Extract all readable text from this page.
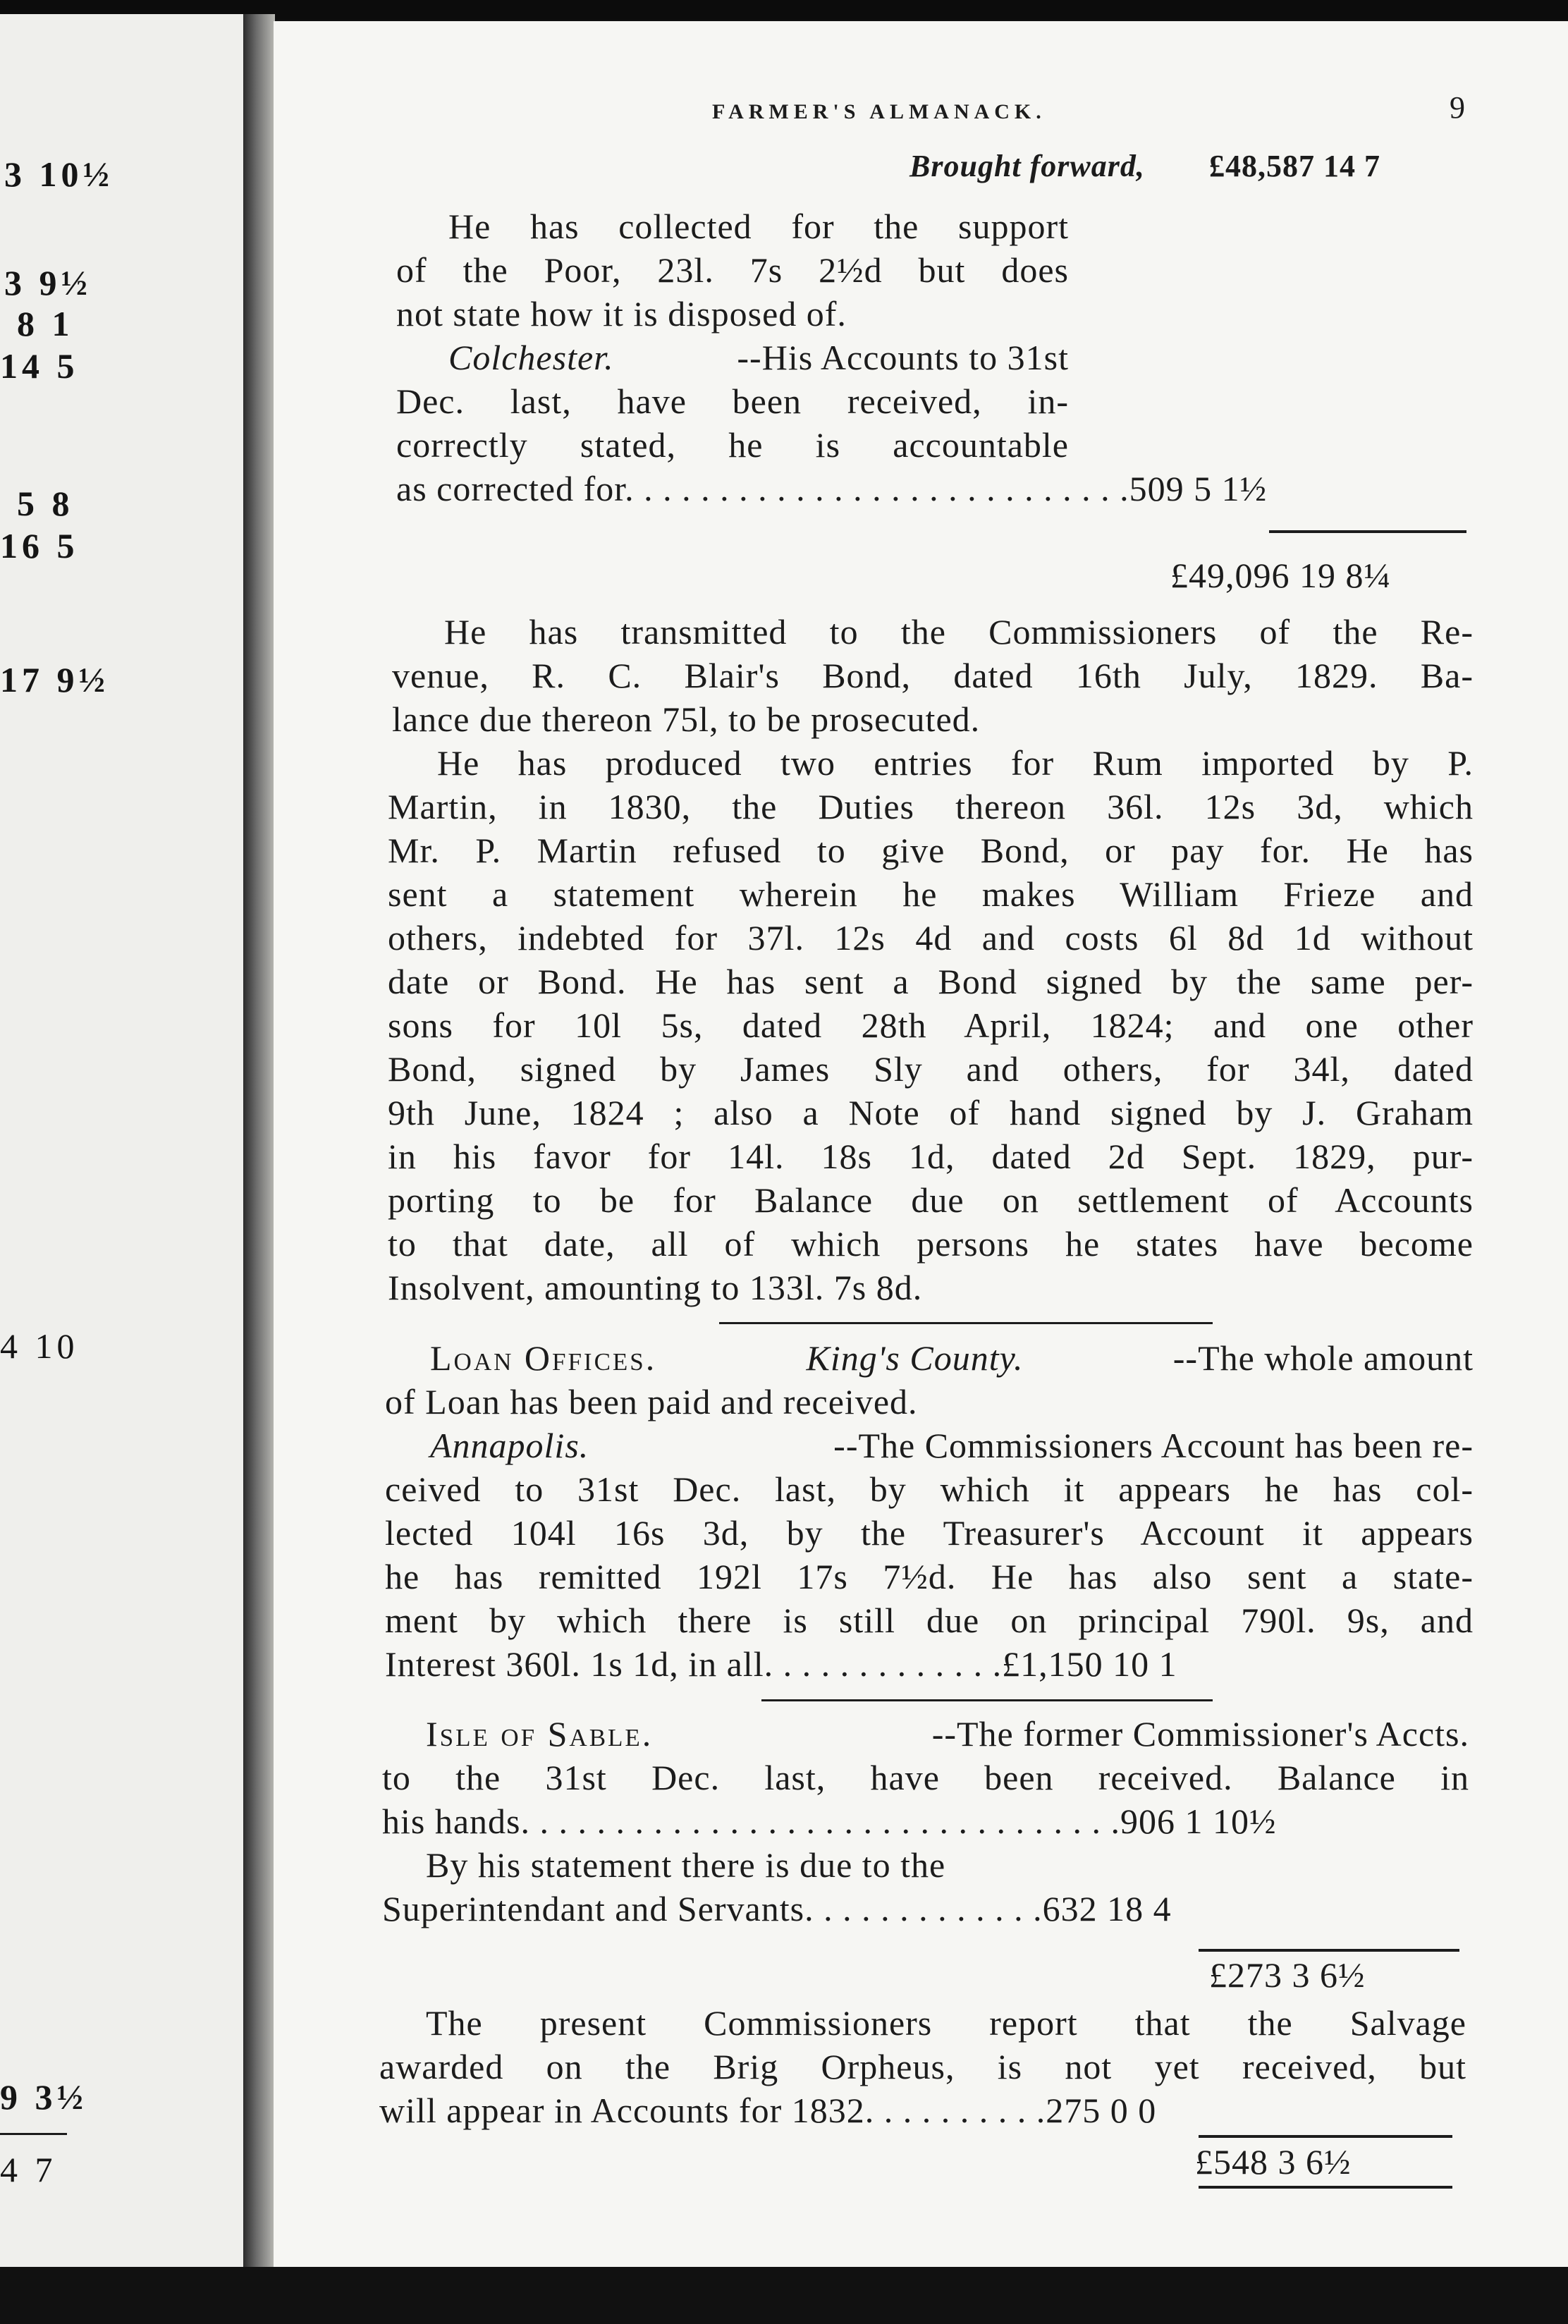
3 10½
3 9½
8 1
14 5
5 8
16 5
17 9½
4 10
9 3½
4 7
FARMER'S ALMANACK.	9
Brought forward, £48,587 14 7
He has collected for the support
of the Poor, 23l. 7s 2½d but does
not state how it is disposed of.
Colchester.	--His Accounts to 31st
Dec. last, have been received, in-
correctly stated, he is accountable
as corrected for. . . . . . . . . . . . . . . . . . . . . . . . . . .509 5 1½
£49,096 19 8¼
He has transmitted to the Commissioners of the Re-
venue, R. C. Blair's Bond, dated 16th July, 1829. Ba-
lance due thereon 75l, to be prosecuted.
He has produced two entries for Rum imported by P.
Martin, in 1830, the Duties thereon 36l. 12s 3d, which
Mr. P. Martin refused to give Bond, or pay for. He has
sent a statement wherein he makes William Frieze and
others, indebted for 37l. 12s 4d and costs 6l 8d 1d without
date or Bond. He has sent a Bond signed by the same per-
sons for 10l 5s, dated 28th April, 1824; and one other
Bond, signed by James Sly and others, for 34l, dated
9th June, 1824 ; also a Note of hand signed by J. Graham
in his favor for 14l. 18s 1d, dated 2d Sept. 1829, pur-
porting to be for Balance due on settlement of Accounts
to that date, all of which persons he states have become
Insolvent, amounting to 133l. 7s 8d.
Loan Offices.	King's County.	--The whole amount
of Loan has been paid and received.
Annapolis.	--The Commissioners Account has been re-
ceived to 31st Dec. last, by which it appears he has col-
lected 104l 16s 3d, by the Treasurer's Account it appears
he has remitted 192l 17s 7½d. He has also sent a state-
ment by which there is still due on principal 790l. 9s, and
Interest 360l. 1s 1d, in all. . . . . . . . . . . . .£1,150 10 1
Isle of Sable.	--The former Commissioner's Accts.
to the 31st Dec. last, have been received. Balance in
his hands. . . . . . . . . . . . . . . . . . . . . . . . . . . . . . . .906 1 10½
By his statement there is due to the
Superintendant and Servants. . . . . . . . . . . . .632 18 4
£273 3 6½
The present Commissioners report that the Salvage
awarded on the Brig Orpheus, is not yet received, but
will appear in Accounts for 1832. . . . . . . . . .275 0 0
£548 3 6½
